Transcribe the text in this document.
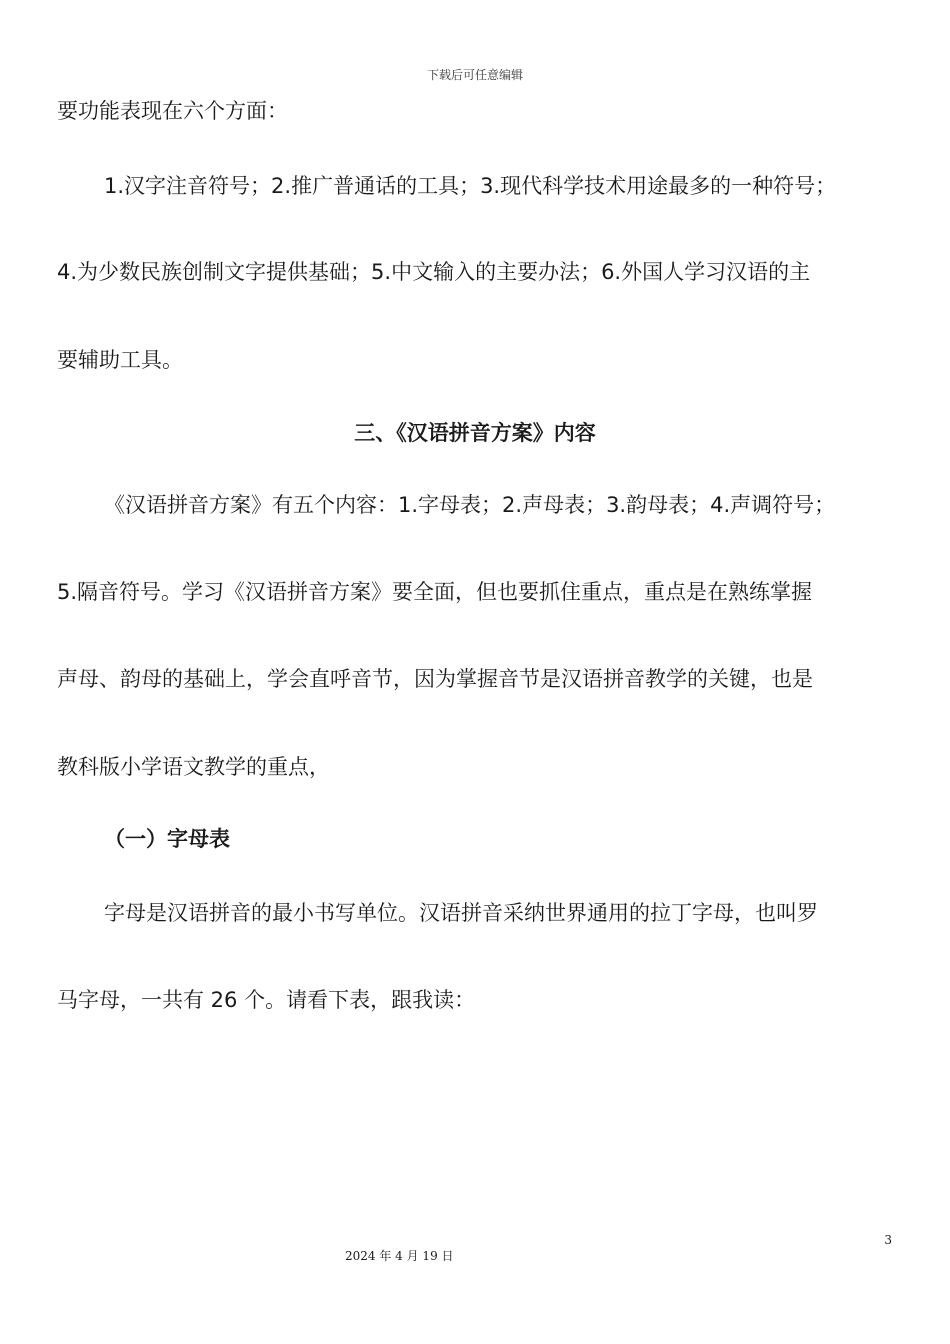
下载后可任意编辑
要功能表现在六个方面：
1.汉字注音符号；2.推广普通话的工具；3.现代科学技术用途最多的一种符号；
4.为少数民族创制文字提供基础；5.中文输入的主要办法；6.外国人学习汉语的主
要辅助工具。
三、《汉语拼音方案》内容
《汉语拼音方案》有五个内容：1.字母表；2.声母表；3.韵母表；4.声调符号；
5.隔音符号。学习《汉语拼音方案》要全面，但也要抓住重点，重点是在熟练掌握
声母、韵母的基础上，学会直呼音节，因为掌握音节是汉语拼音教学的关键，也是
教科版小学语文教学的重点，
（一）字母表
字母是汉语拼音的最小书写单位。汉语拼音采纳世界通用的拉丁字母，也叫罗
马字母，一共有 26 个。请看下表，跟我读：
3
2024 年 4 月 19 日
